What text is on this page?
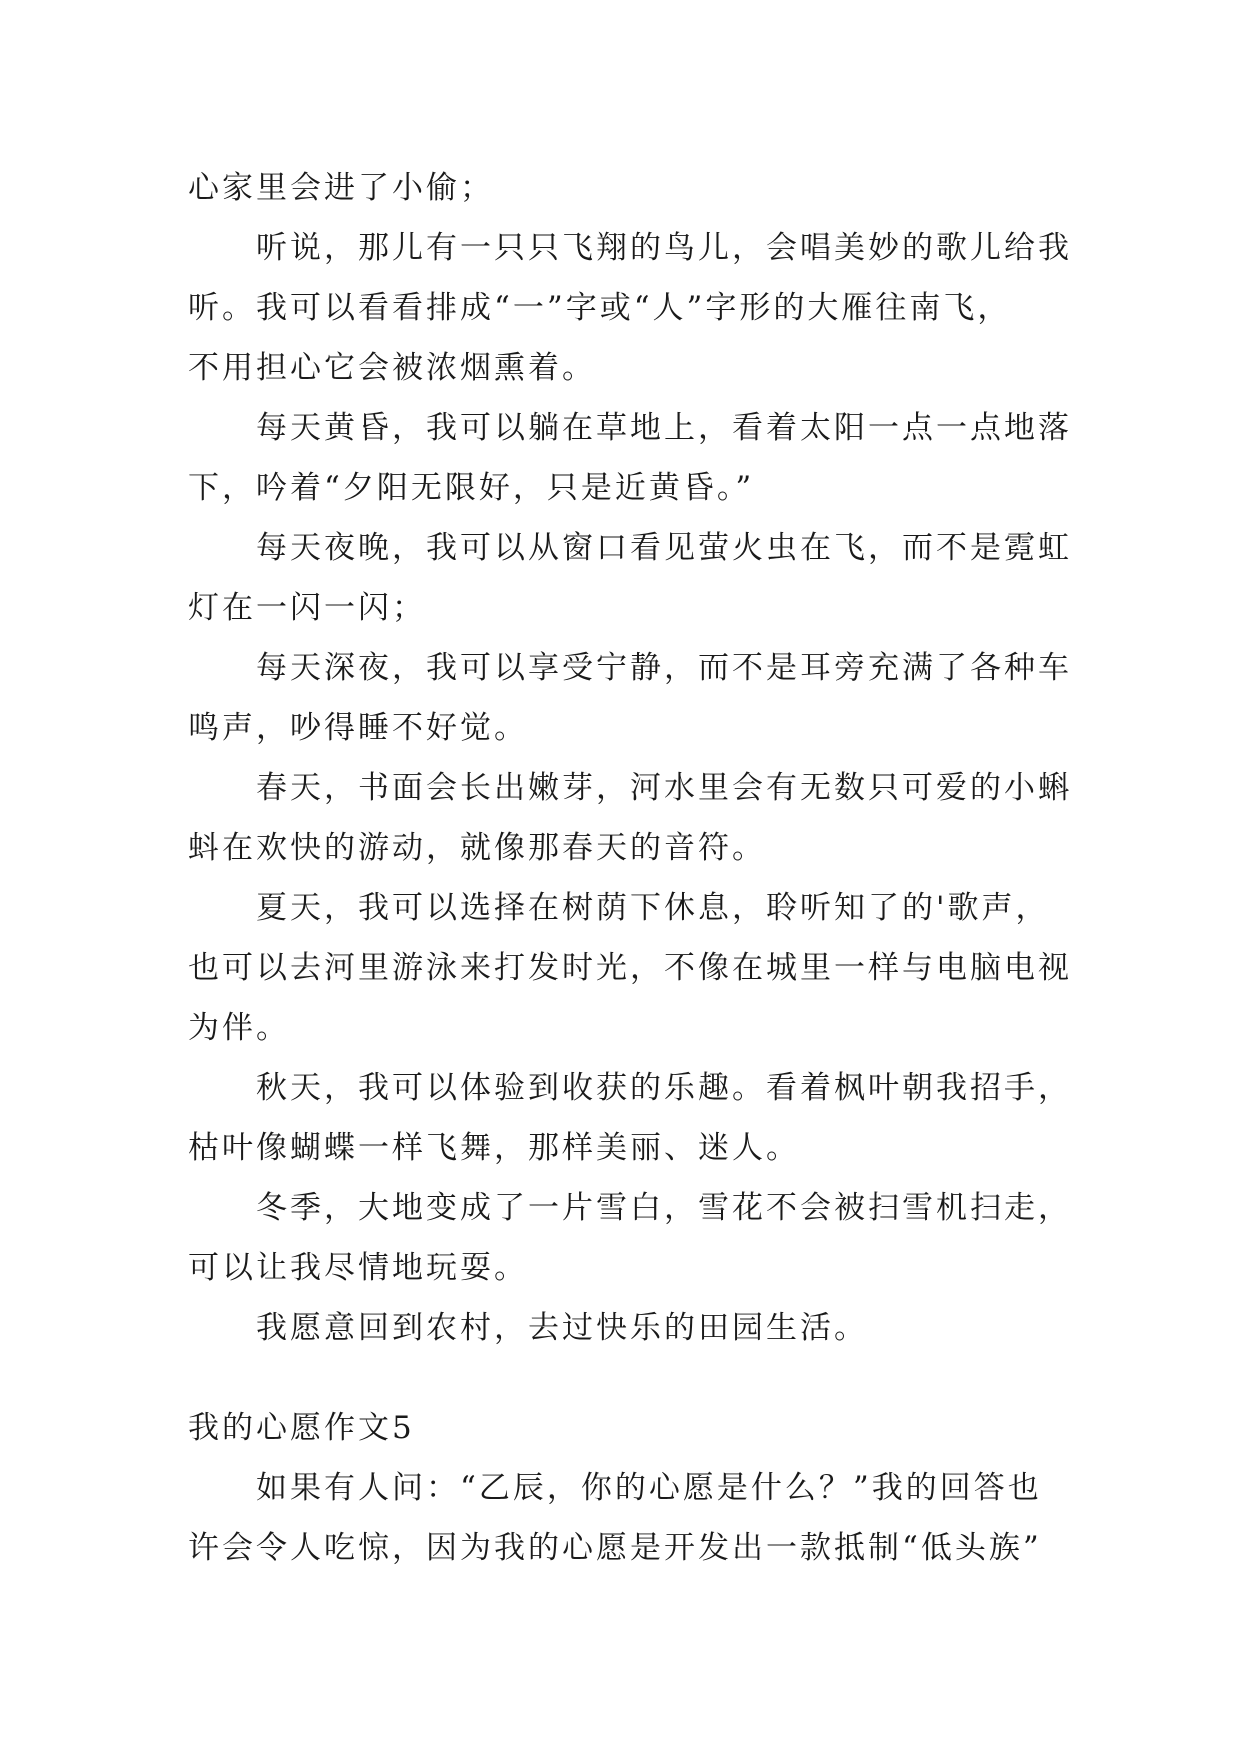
心家里会进了小偷；
听说，那儿有一只只飞翔的鸟儿，会唱美妙的歌儿给我
听。我可以看看排成“一”字或“人”字形的大雁往南飞，
不用担心它会被浓烟熏着。
每天黄昏，我可以躺在草地上，看着太阳一点一点地落
下，吟着“夕阳无限好，只是近黄昏。”
每天夜晚，我可以从窗口看见萤火虫在飞，而不是霓虹
灯在一闪一闪；
每天深夜，我可以享受宁静，而不是耳旁充满了各种车
鸣声，吵得睡不好觉。
春天，书面会长出嫩芽，河水里会有无数只可爱的小蝌
蚪在欢快的游动，就像那春天的音符。
夏天，我可以选择在树荫下休息，聆听知了的'歌声，
也可以去河里游泳来打发时光，不像在城里一样与电脑电视
为伴。
秋天，我可以体验到收获的乐趣。看着枫叶朝我招手，
枯叶像蝴蝶一样飞舞，那样美丽、迷人。
冬季，大地变成了一片雪白，雪花不会被扫雪机扫走，
可以让我尽情地玩耍。
我愿意回到农村，去过快乐的田园生活。
我的心愿作文5
如果有人问：“乙辰，你的心愿是什么？”我的回答也
许会令人吃惊，因为我的心愿是开发出一款抵制“低头族”
